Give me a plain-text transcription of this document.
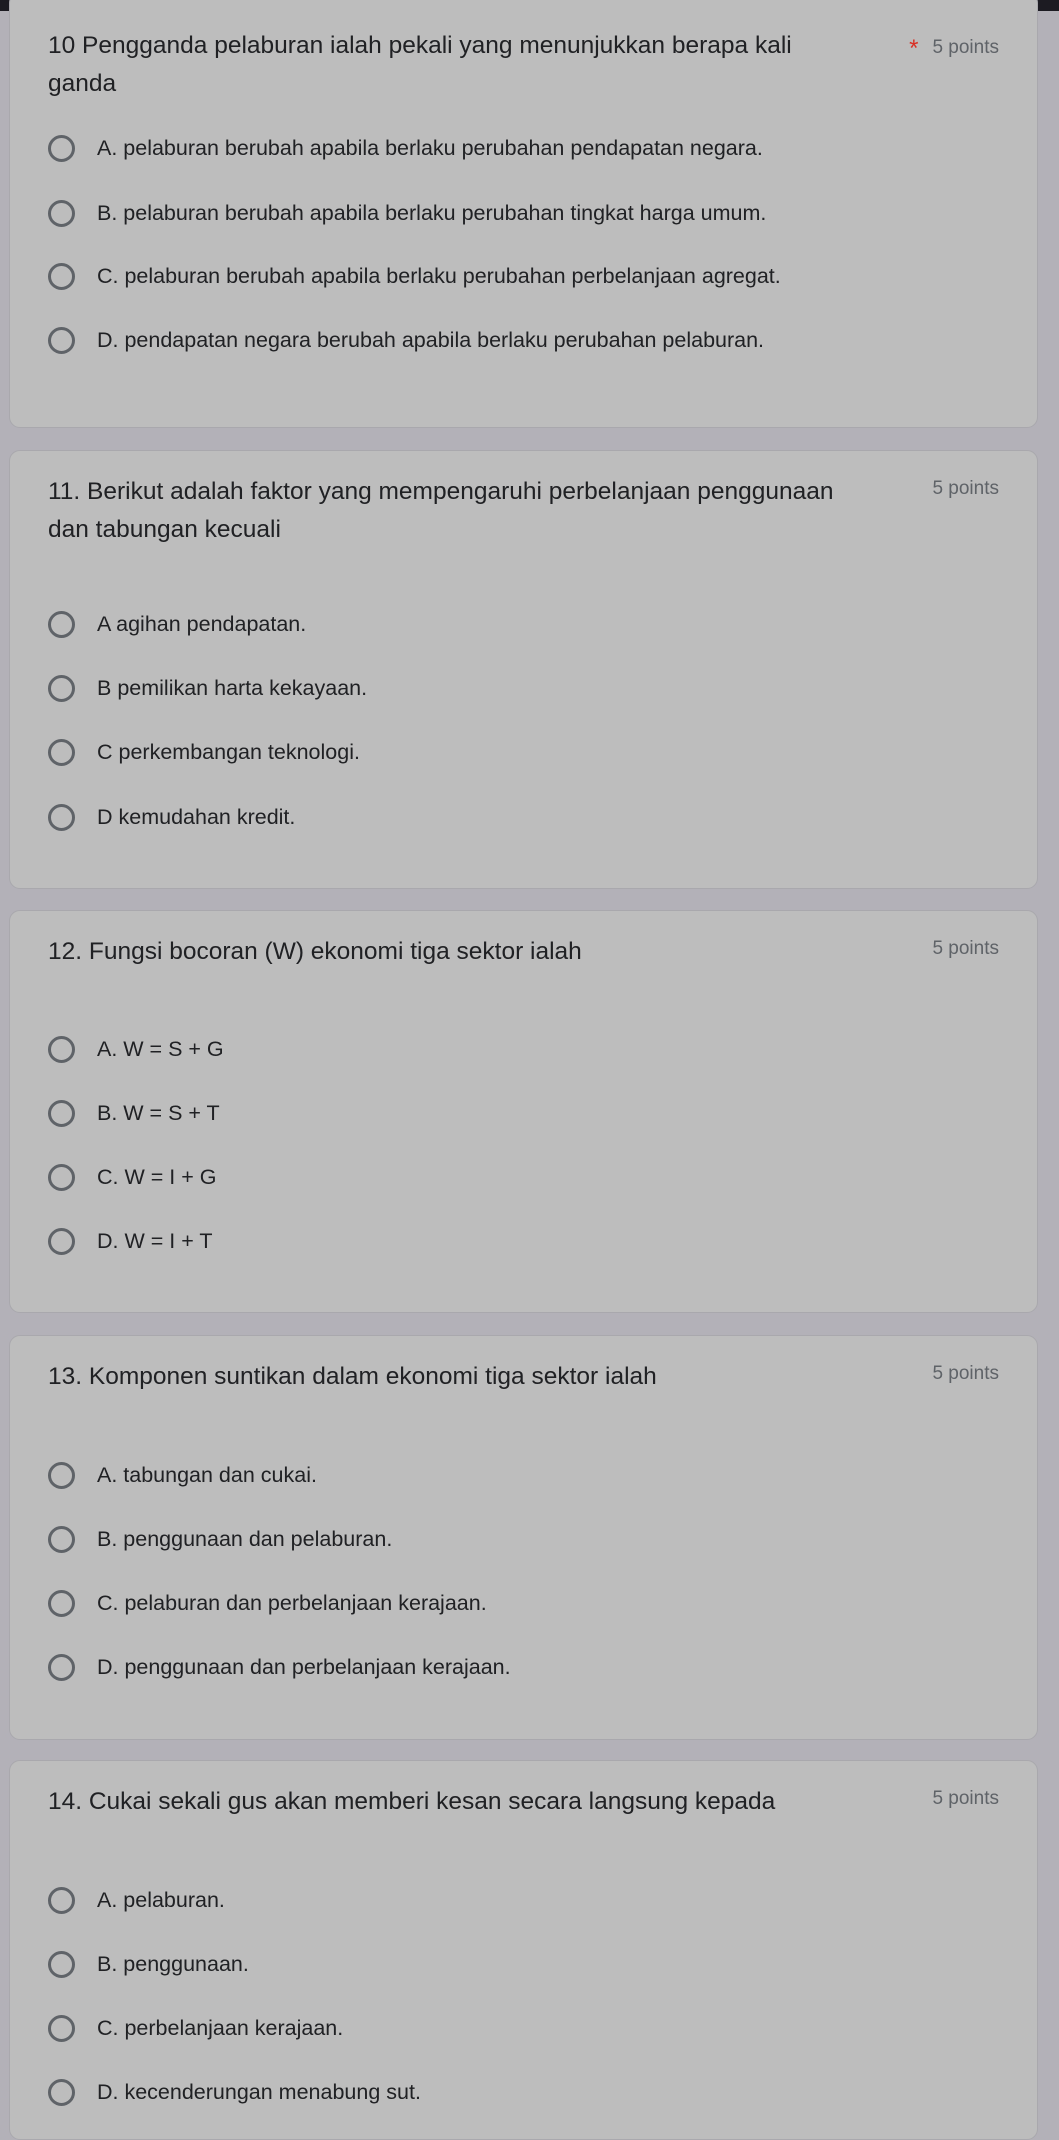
10 Pengganda pelaburan ialah pekali yang menunjukkan berapa kali ganda
* 5 points
A. pelaburan berubah apabila berlaku perubahan pendapatan negara.
B. pelaburan berubah apabila berlaku perubahan tingkat harga umum.
C. pelaburan berubah apabila berlaku perubahan perbelanjaan agregat.
D. pendapatan negara berubah apabila berlaku perubahan pelaburan.
11. Berikut adalah faktor yang mempengaruhi perbelanjaan penggunaan dan tabungan kecuali
5 points
A agihan pendapatan.
B pemilikan harta kekayaan.
C perkembangan teknologi.
D kemudahan kredit.
12. Fungsi bocoran (W) ekonomi tiga sektor ialah	5 points
A. W = S + G
B. W = S + T
C. W = I + G
D. W = I + T
13. Komponen suntikan dalam ekonomi tiga sektor ialah	5 points
A. tabungan dan cukai.
B. penggunaan dan pelaburan.
C. pelaburan dan perbelanjaan kerajaan.
D. penggunaan dan perbelanjaan kerajaan.
14. Cukai sekali gus akan memberi kesan secara langsung kepada	5 points
A. pelaburan.
B. penggunaan.
C. perbelanjaan kerajaan.
D. kecenderungan menabung sut.
